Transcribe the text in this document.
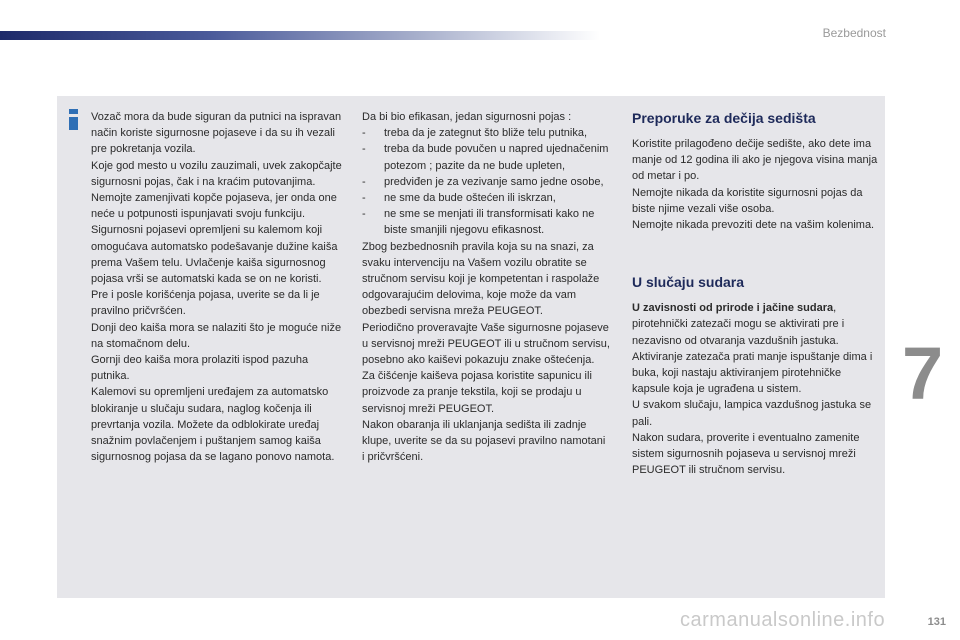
Bezbednost

Vozač mora da bude siguran da putnici na ispravan način koriste sigurnosne pojaseve i da su ih vezali pre pokretanja vozila.

Koje god mesto u vozilu zauzimali, uvek zakopčajte sigurnosni pojas, čak i na kraćim putovanjima.

Nemojte zamenjivati kopče pojaseva, jer onda one neće u potpunosti ispunjavati svoju funkciju.

Sigurnosni pojasevi opremljeni su kalemom koji omogućava automatsko podešavanje dužine kaiša prema Vašem telu. Uvlačenje kaiša sigurnosnog pojasa vrši se automatski kada se on ne koristi.

Pre i posle korišćenja pojasa, uverite se da li je pravilno pričvršćen.

Donji deo kaiša mora se nalaziti što je moguće niže na stomačnom delu.

Gornji deo kaiša mora prolaziti ispod pazuha putnika.

Kalemovi su opremljeni uređajem za automatsko blokiranje u slučaju sudara, naglog kočenja ili prevrtanja vozila. Možete da odblokirate uređaj snažnim povlačenjem i puštanjem samog kaiša sigurnosnog pojasa da se lagano ponovo namota.

Da bi bio efikasan, jedan sigurnosni pojas :

- treba da je zategnut što bliže telu putnika,
- treba da bude povučen u napred ujednačenim potezom ; pazite da ne bude upleten,
- predviđen je za vezivanje samo jedne osobe,
- ne sme da bude oštećen ili iskrzan,
- ne sme se menjati ili transformisati kako ne biste smanjili njegovu efikasnost.

Zbog bezbednosnih pravila koja su na snazi, za svaku intervenciju na Vašem vozilu obratite se stručnom servisu koji je kompetentan i raspolaže odgovarajućim delovima, koje može da vam obezbedi servisna mreža PEUGEOT.

Periodično proveravajte Vaše sigurnosne pojaseve u servisnoj mreži PEUGEOT ili u stručnom servisu, posebno ako kaiševi pokazuju znake oštećenja.

Za čišćenje kaiševa pojasa koristite sapunicu ili proizvode za pranje tekstila, koji se prodaju u servisnoj mreži PEUGEOT.

Nakon obaranja ili uklanjanja sedišta ili zadnje klupe, uverite se da su pojasevi pravilno namotani i pričvršćeni.

Preporuke za dečija sedišta

Koristite prilagođeno dečije sedište, ako dete ima manje od 12 godina ili ako je njegova visina manja od metar i po.

Nemojte nikada da koristite sigurnosni pojas da biste njime vezali više osoba.

Nemojte nikada prevoziti dete na vašim kolenima.

U slučaju sudara

U zavisnosti od prirode i jačine sudara, pirotehnički zatezači mogu se aktivirati pre i nezavisno od otvaranja vazdušnih jastuka.

Aktiviranje zatezača prati manje ispuštanje dima i buka, koji nastaju aktiviranjem pirotehničke kapsule koja je ugrađena u sistem.

U svakom slučaju, lampica vazdušnog jastuka se pali.

Nakon sudara, proverite i eventualno zamenite sistem sigurnosnih pojaseva u servisnoj mreži PEUGEOT ili stručnom servisu.

7
carmanualsonline.info	131
